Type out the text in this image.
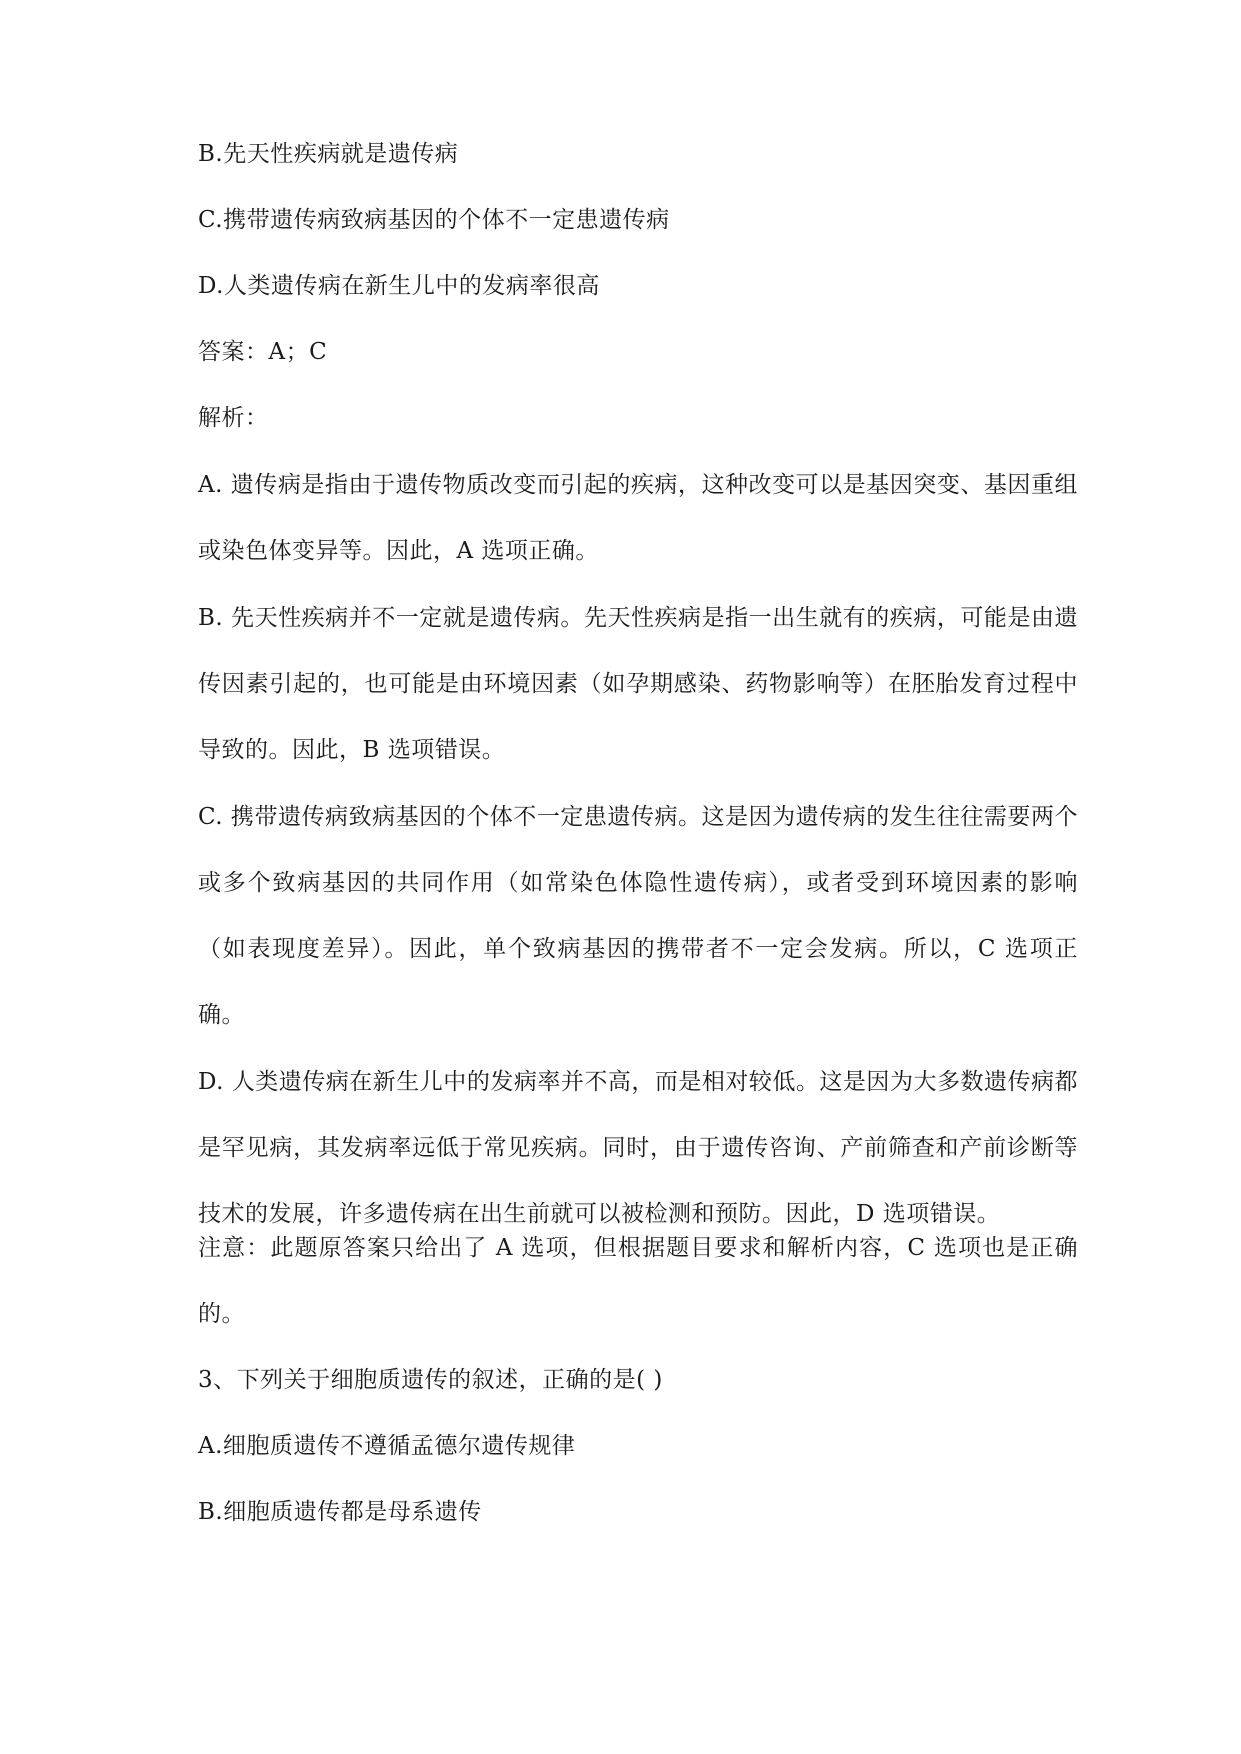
B.先天性疾病就是遗传病
C.携带遗传病致病基因的个体不一定患遗传病
D.人类遗传病在新生儿中的发病率很高
答案：A；C
解析：
A. 遗传病是指由于遗传物质改变而引起的疾病，这种改变可以是基因突变、基因重组或染色体变异等。因此，A 选项正确。
B. 先天性疾病并不一定就是遗传病。先天性疾病是指一出生就有的疾病，可能是由遗传因素引起的，也可能是由环境因素（如孕期感染、药物影响等）在胚胎发育过程中导致的。因此，B 选项错误。
C. 携带遗传病致病基因的个体不一定患遗传病。这是因为遗传病的发生往往需要两个或多个致病基因的共同作用（如常染色体隐性遗传病），或者受到环境因素的影响（如表现度差异）。因此，单个致病基因的携带者不一定会发病。所以，C 选项正确。
D. 人类遗传病在新生儿中的发病率并不高，而是相对较低。这是因为大多数遗传病都是罕见病，其发病率远低于常见疾病。同时，由于遗传咨询、产前筛查和产前诊断等技术的发展，许多遗传病在出生前就可以被检测和预防。因此，D 选项错误。
注意：此题原答案只给出了 A 选项，但根据题目要求和解析内容，C 选项也是正确的。
3、下列关于细胞质遗传的叙述，正确的是( )
A.细胞质遗传不遵循孟德尔遗传规律
B.细胞质遗传都是母系遗传
